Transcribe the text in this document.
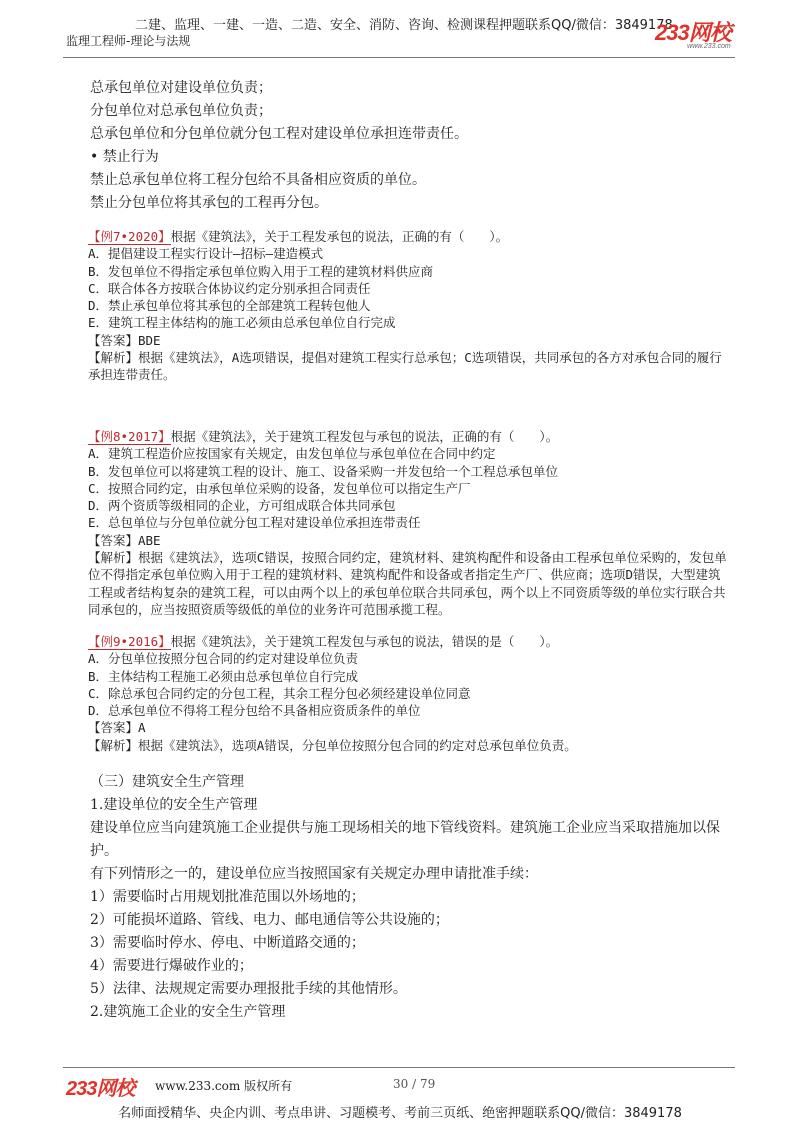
二建、监理、一建、一造、二造、安全、消防、咨询、检测课程押题联系QQ/微信：3849178
监理工程师-理论与法规	233网校
www.233.com

总承包单位对建设单位负责；

分包单位对总承包单位负责；

总承包单位和分包单位就分包工程对建设单位承担连带责任。

• 禁止行为

禁止总承包单位将工程分包给不具备相应资质的单位。

禁止分包单位将其承包的工程再分包。

【例7•2020】根据《建筑法》，关于工程发承包的说法，正确的有（　　）。

A．提倡建设工程实行设计—招标—建造模式

B．发包单位不得指定承包单位购入用于工程的建筑材料供应商

C．联合体各方按联合体协议约定分别承担合同责任

D．禁止承包单位将其承包的全部建筑工程转包他人

E．建筑工程主体结构的施工必须由总承包单位自行完成

【答案】BDE

【解析】根据《建筑法》，A选项错误，提倡对建筑工程实行总承包；C选项错误，共同承包的各方对承包合同的履行承担连带责任。

【例8•2017】根据《建筑法》，关于建筑工程发包与承包的说法，正确的有（　　）。

A．建筑工程造价应按国家有关规定，由发包单位与承包单位在合同中约定

B．发包单位可以将建筑工程的设计、施工、设备采购一并发包给一个工程总承包单位

C．按照合同约定，由承包单位采购的设备，发包单位可以指定生产厂

D．两个资质等级相同的企业，方可组成联合体共同承包

E．总包单位与分包单位就分包工程对建设单位承担连带责任

【答案】ABE

【解析】根据《建筑法》，选项C错误，按照合同约定，建筑材料、建筑构配件和设备由工程承包单位采购的，发包单位不得指定承包单位购入用于工程的建筑材料、建筑构配件和设备或者指定生产厂、供应商；选项D错误，大型建筑工程或者结构复杂的建筑工程，可以由两个以上的承包单位联合共同承包，两个以上不同资质等级的单位实行联合共同承包的，应当按照资质等级低的单位的业务许可范围承揽工程。

【例9•2016】根据《建筑法》，关于建筑工程发包与承包的说法，错误的是（　　）。

A．分包单位按照分包合同的约定对建设单位负责

B．主体结构工程施工必须由总承包单位自行完成

C．除总承包合同约定的分包工程，其余工程分包必须经建设单位同意

D．总承包单位不得将工程分包给不具备相应资质条件的单位

【答案】A

【解析】根据《建筑法》，选项A错误，分包单位按照分包合同的约定对总承包单位负责。

（三）建筑安全生产管理

1.建设单位的安全生产管理

建设单位应当向建筑施工企业提供与施工现场相关的地下管线资料。建筑施工企业应当采取措施加以保护。

有下列情形之一的，建设单位应当按照国家有关规定办理申请批准手续：

1）需要临时占用规划批准范围以外场地的；

2）可能损坏道路、管线、电力、邮电通信等公共设施的；

3）需要临时停水、停电、中断道路交通的；

4）需要进行爆破作业的；

5）法律、法规规定需要办理报批手续的其他情形。

2.建筑施工企业的安全生产管理

233网校 www.233.com 版权所有	30 / 79
名师面授精华、央企内训、考点串讲、习题模考、考前三页纸、绝密押题联系QQ/微信：3849178
